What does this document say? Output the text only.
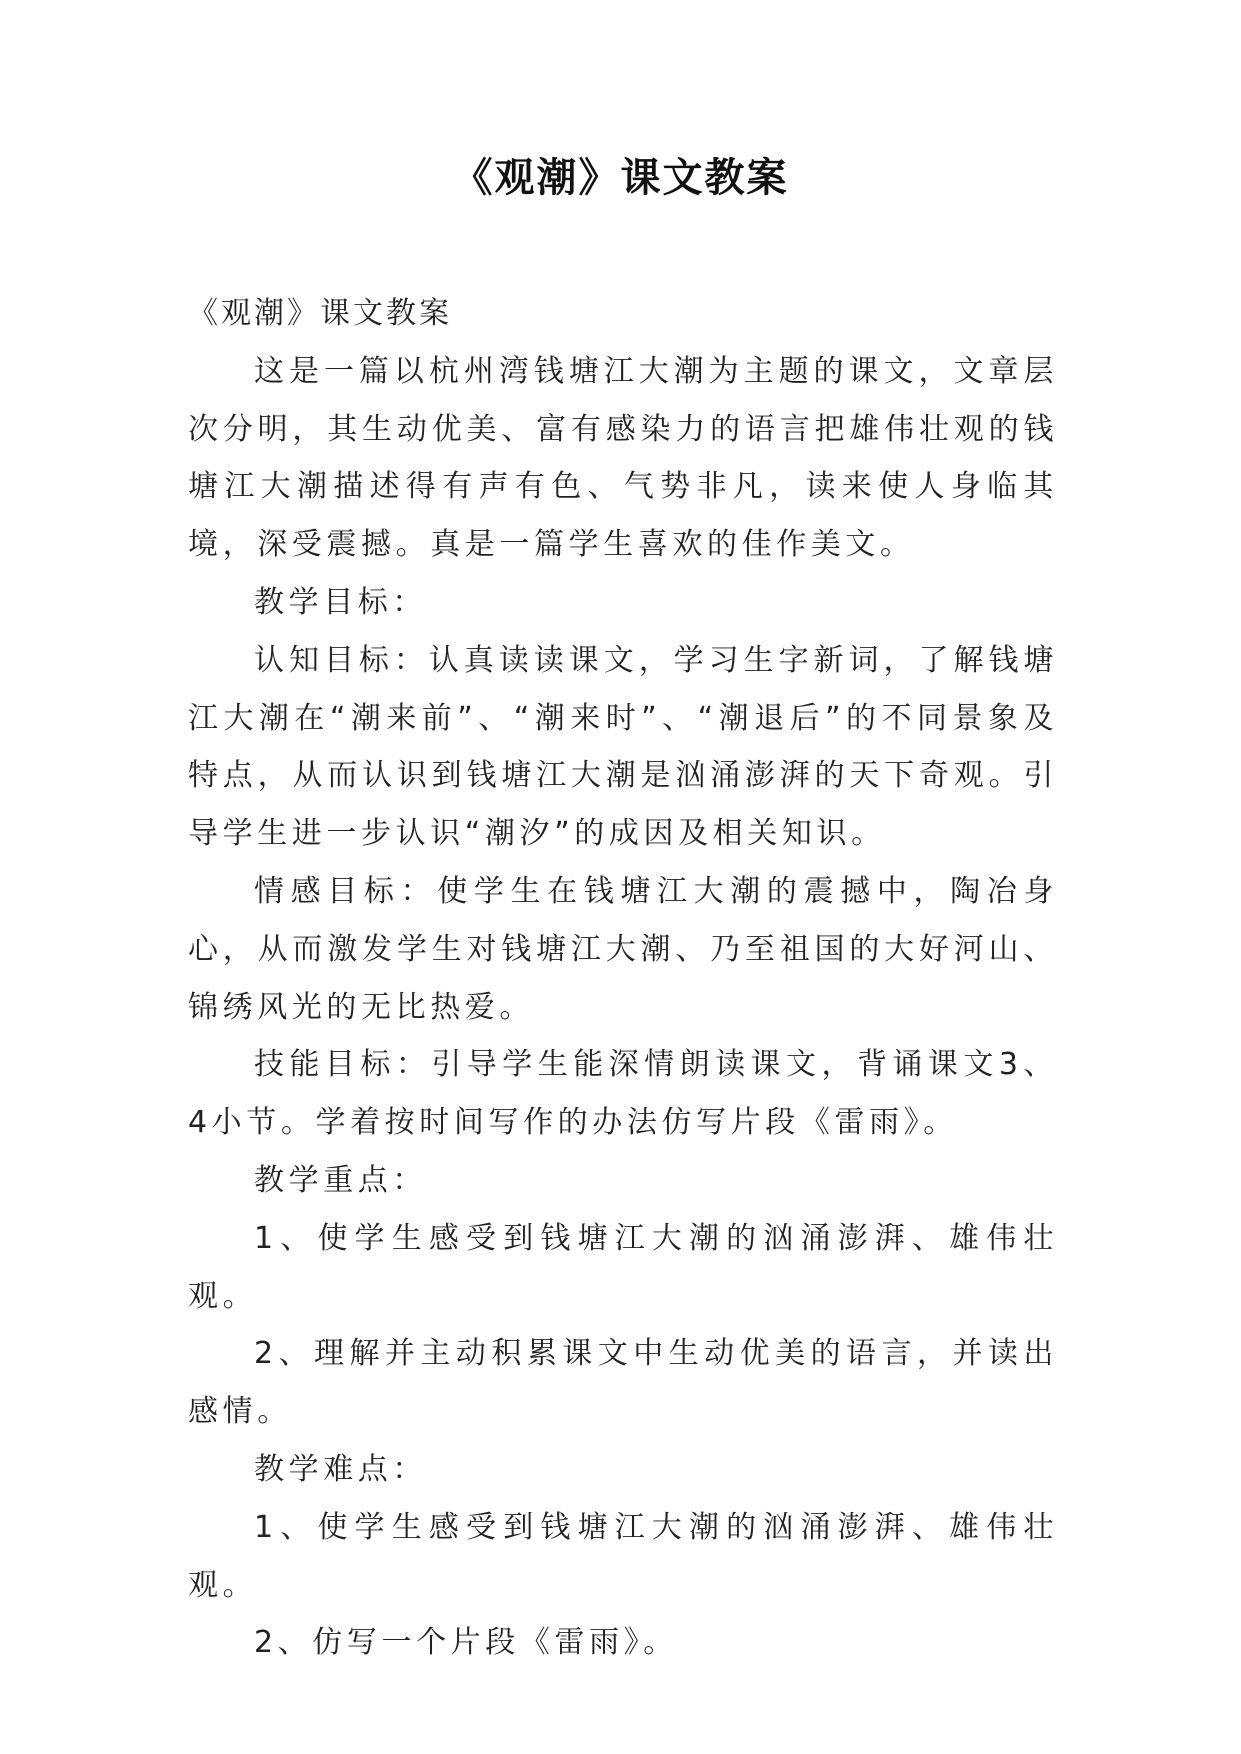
《观潮》课文教案

《观潮》课文教案

这是一篇以杭州湾钱塘江大潮为主题的课文，文章层次分明，其生动优美、富有感染力的语言把雄伟壮观的钱塘江大潮描述得有声有色、气势非凡，读来使人身临其境，深受震撼。真是一篇学生喜欢的佳作美文。

教学目标：

认知目标：认真读读课文，学习生字新词，了解钱塘江大潮在“潮来前”、“潮来时”、“潮退后”的不同景象及特点，从而认识到钱塘江大潮是汹涌澎湃的天下奇观。引导学生进一步认识“潮汐”的成因及相关知识。

情感目标：使学生在钱塘江大潮的震撼中，陶冶身心，从而激发学生对钱塘江大潮、乃至祖国的大好河山、锦绣风光的无比热爱。

技能目标：引导学生能深情朗读课文，背诵课文3、4小节。学着按时间写作的办法仿写片段《雷雨》。

教学重点：

1、使学生感受到钱塘江大潮的汹涌澎湃、雄伟壮观。

2、理解并主动积累课文中生动优美的语言，并读出感情。

教学难点：

1、使学生感受到钱塘江大潮的汹涌澎湃、雄伟壮观。

2、仿写一个片段《雷雨》。
